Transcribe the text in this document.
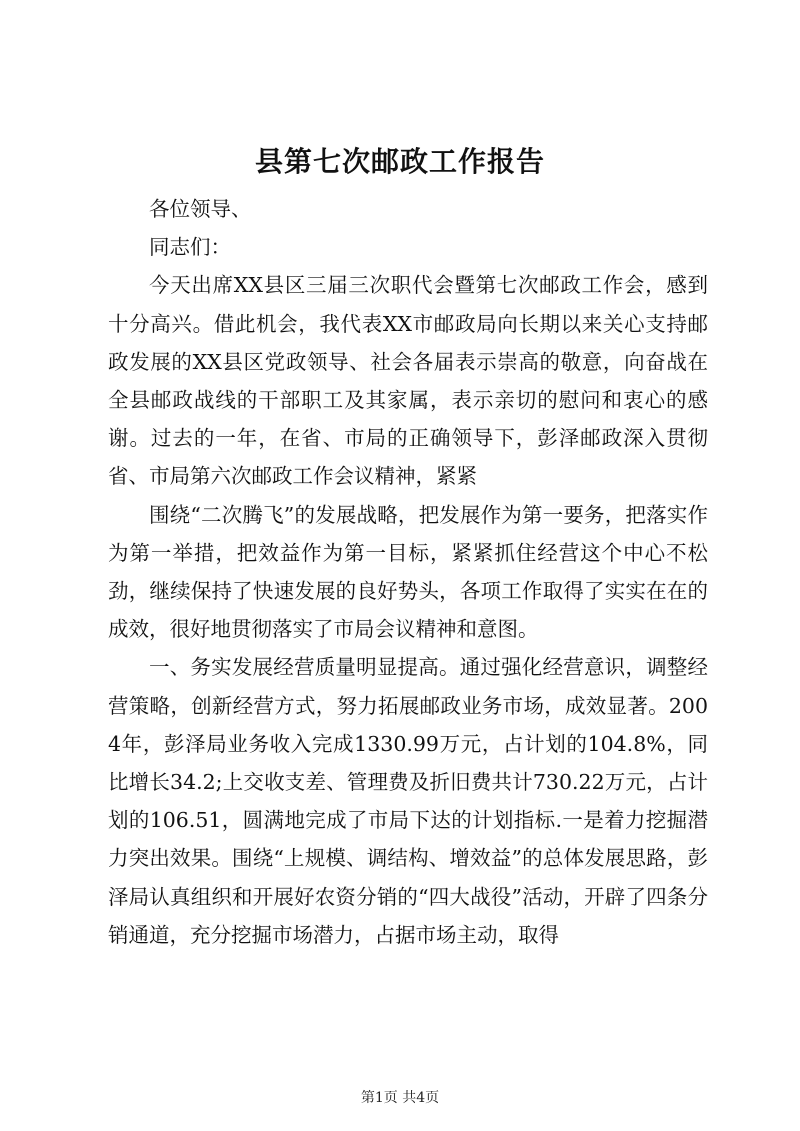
县第七次邮政工作报告

各位领导、

同志们：

今天出席XX县区三届三次职代会暨第七次邮政工作会，感到十分高兴。借此机会，我代表XX市邮政局向长期以来关心支持邮政发展的XX县区党政领导、社会各届表示崇高的敬意，向奋战在全县邮政战线的干部职工及其家属，表示亲切的慰问和衷心的感谢。过去的一年，在省、市局的正确领导下，彭泽邮政深入贯彻省、市局第六次邮政工作会议精神，紧紧

围绕“二次腾飞”的发展战略，把发展作为第一要务，把落实作为第一举措，把效益作为第一目标，紧紧抓住经营这个中心不松劲，继续保持了快速发展的良好势头，各项工作取得了实实在在的成效，很好地贯彻落实了市局会议精神和意图。

一、务实发展经营质量明显提高。通过强化经营意识，调整经营策略，创新经营方式，努力拓展邮政业务市场，成效显著。2004年，彭泽局业务收入完成1330.99万元，占计划的104.8%，同比增长34.2;上交收支差、管理费及折旧费共计730.22万元，占计划的106.51，圆满地完成了市局下达的计划指标.一是着力挖掘潜力突出效果。围绕“上规模、调结构、增效益”的总体发展思路，彭泽局认真组织和开展好农资分销的“四大战役”活动，开辟了四条分销通道，充分挖掘市场潜力，占据市场主动，取得

第1页 共4页
